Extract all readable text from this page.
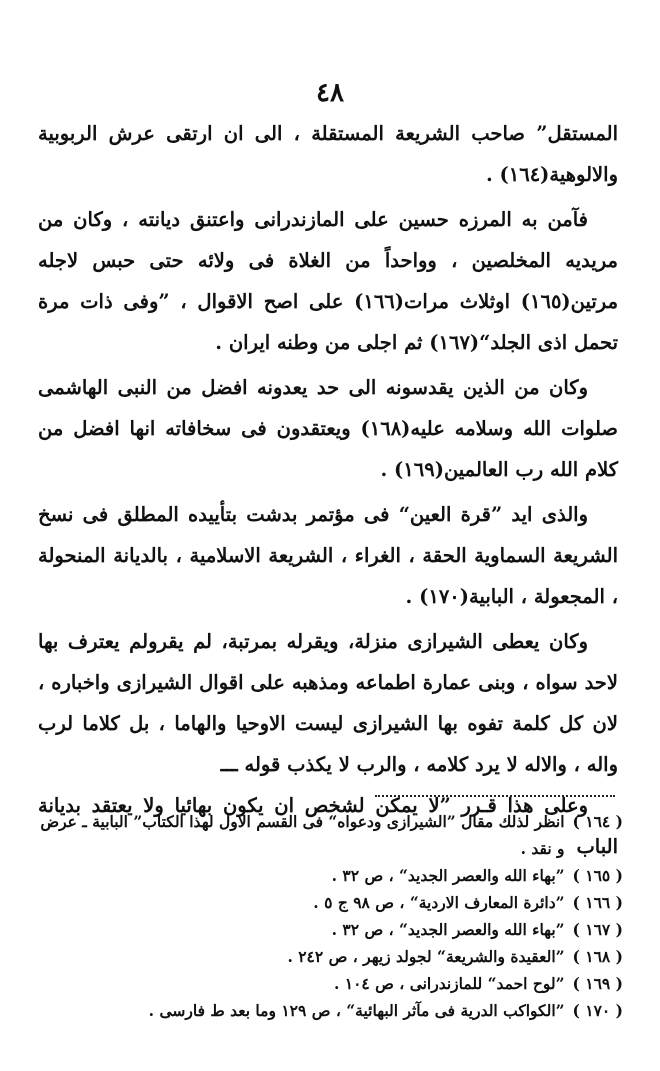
٤٨

المستقل” صاحب الشريعة المستقلة ، الى ان ارتقى عرش الربوبية والالوهية(١٦٤) .

فآمن به المرزه حسين على المازندرانى واعتنق ديانته ، وكان من مريديه المخلصين ، وواحداً من الغلاة فى ولائه حتى حبس لاجله مرتين(١٦٥) اوثلاث مرات(١٦٦) على اصح الاقوال ، ”وفى ذات مرة تحمل اذى الجلد“(١٦٧) ثم اجلى من وطنه ايران .

وكان من الذين يقدسونه الى حد يعدونه افضل من النبى الهاشمى صلوات الله وسلامه عليه(١٦٨) ويعتقدون فى سخافاته انها افضل من كلام الله رب العالمين(١٦٩) .

والذى ايد ”قرة العين“ فى مؤتمر بدشت بتأييده المطلق فى نسخ الشريعة السماوية الحقة ، الغراء ، الشريعة الاسلامية ، بالديانة المنحولة ، المجعولة ، البابية(١٧٠) .

وكان يعطى الشيرازى منزلة، ويقرله بمرتبة، لم يقرولم يعترف بها لاحد سواه ، وبنى عمارة اطماعه ومذهبه على اقوال الشيرازى واخباره ، لان كل كلمة تفوه بها الشيرازى ليست الاوحيا والهاما ، بل كلاما لرب واله ، والاله لا يرد كلامه ، والرب لا يكذب قوله ـــ

وعلى هذا قـرر ”لا يمكن لشخص ان يكون بهائيا ولا يعتقد بديانة الباب

( ١٦٤ )
انظر لذلك مقال ”الشيرازى ودعواه“ فى القسم الاول لهذا الكتاب” البابية ـ عرض و نقد .
( ١٦٥ )
”بهاء الله والعصر الجديد“ ، ص ٣٢ .
( ١٦٦ )
”دائرة المعارف الاردية“ ، ص ٩٨ ج ٥ .
( ١٦٧ )
”بهاء الله والعصر الجديد“ ، ص ٣٢ .
( ١٦٨ )
”العقيدة والشريعة“ لجولد زيهر ، ص ٢٤٢ .
( ١٦٩ )
”لوح احمد“ للمازندرانى ، ص ١٠٤ .
( ١٧٠ )
”الكواكب الدرية فى مآثر البهائية“ ، ص ١٢٩ وما بعد ط فارسى .
